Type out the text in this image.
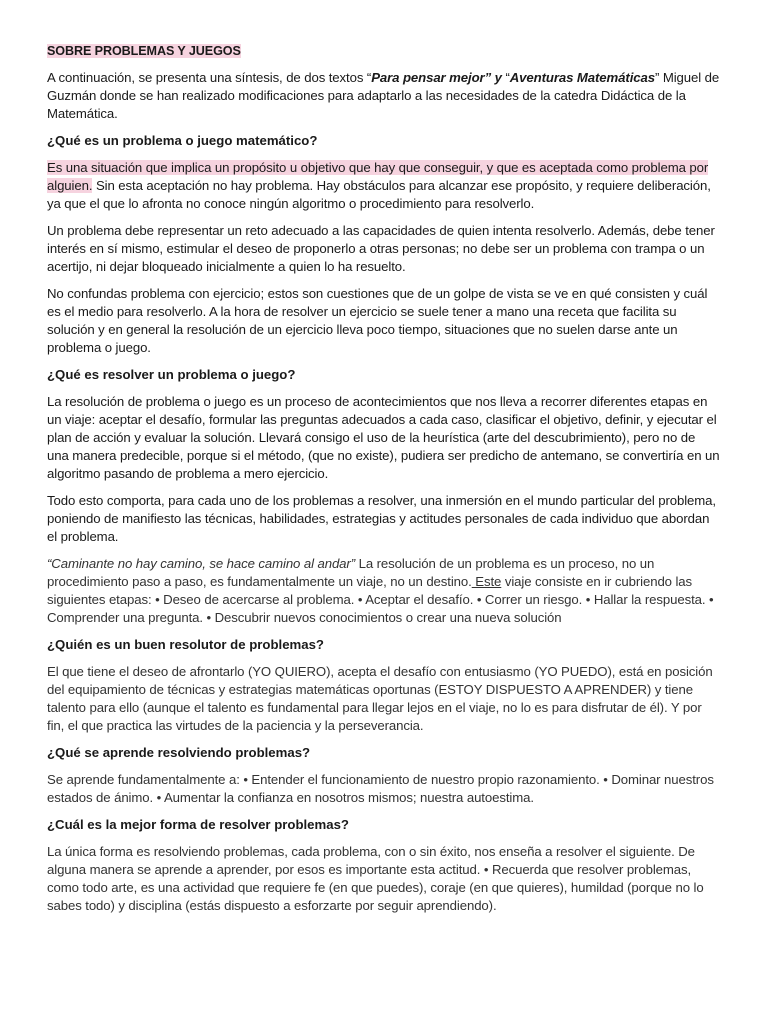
SOBRE PROBLEMAS Y JUEGOS

A continuación, se presenta una síntesis, de dos textos “Para pensar mejor” y “Aventuras Matemáticas” Miguel de Guzmán donde se han realizado modificaciones para adaptarlo a las necesidades de la catedra Didáctica de la Matemática.

¿Qué es un problema o juego matemático?

Es una situación que implica un propósito u objetivo que hay que conseguir, y que es aceptada como problema por alguien. Sin esta aceptación no hay problema. Hay obstáculos para alcanzar ese propósito, y requiere deliberación, ya que el que lo afronta no conoce ningún algoritmo o procedimiento para resolverlo.

Un problema debe representar un reto adecuado a las capacidades de quien intenta resolverlo. Además, debe tener interés en sí mismo, estimular el deseo de proponerlo a otras personas; no debe ser un problema con trampa o un acertijo, ni dejar bloqueado inicialmente a quien lo ha resuelto.

No confundas problema con ejercicio; estos son cuestiones que de un golpe de vista se ve en qué consisten y cuál es el medio para resolverlo. A la hora de resolver un ejercicio se suele tener a mano una receta que facilita su solución y en general la resolución de un ejercicio lleva poco tiempo, situaciones que no suelen darse ante un problema o juego.

¿Qué es resolver un problema o juego?

La resolución de problema o juego es un proceso de acontecimientos que nos lleva a recorrer diferentes etapas en un viaje: aceptar el desafío, formular las preguntas adecuados a cada caso, clasificar el objetivo, definir, y ejecutar el plan de acción y evaluar la solución. Llevará consigo el uso de la heurística (arte del descubrimiento), pero no de una manera predecible, porque si el método, (que no existe), pudiera ser predicho de antemano, se convertiría en un algoritmo pasando de problema a mero ejercicio.

Todo esto comporta, para cada uno de los problemas a resolver, una inmersión en el mundo particular del problema, poniendo de manifiesto las técnicas, habilidades, estrategias y actitudes personales de cada individuo que abordan el problema.

“Caminante no hay camino, se hace camino al andar” La resolución de un problema es un proceso, no un procedimiento paso a paso, es fundamentalmente un viaje, no un destino. Este viaje consiste en ir cubriendo las siguientes etapas: • Deseo de acercarse al problema. • Aceptar el desafío. • Correr un riesgo. • Hallar la respuesta. • Comprender una pregunta. • Descubrir nuevos conocimientos o crear una nueva solución

¿Quién es un buen resolutor de problemas?

El que tiene el deseo de afrontarlo (YO QUIERO), acepta el desafío con entusiasmo (YO PUEDO), está en posición del equipamiento de técnicas y estrategias matemáticas oportunas (ESTOY DISPUESTO A APRENDER) y tiene talento para ello (aunque el talento es fundamental para llegar lejos en el viaje, no lo es para disfrutar de él). Y por fin, el que practica las virtudes de la paciencia y la perseverancia.

¿Qué se aprende resolviendo problemas?

Se aprende fundamentalmente a: • Entender el funcionamiento de nuestro propio razonamiento. • Dominar nuestros estados de ánimo. • Aumentar la confianza en nosotros mismos; nuestra autoestima.

¿Cuál es la mejor forma de resolver problemas?

La única forma es resolviendo problemas, cada problema, con o sin éxito, nos enseña a resolver el siguiente. De alguna manera se aprende a aprender, por esos es importante esta actitud. • Recuerda que resolver problemas, como todo arte, es una actividad que requiere fe (en que puedes), coraje (en que quieres), humildad (porque no lo sabes todo) y disciplina (estás dispuesto a esforzarte por seguir aprendiendo).
